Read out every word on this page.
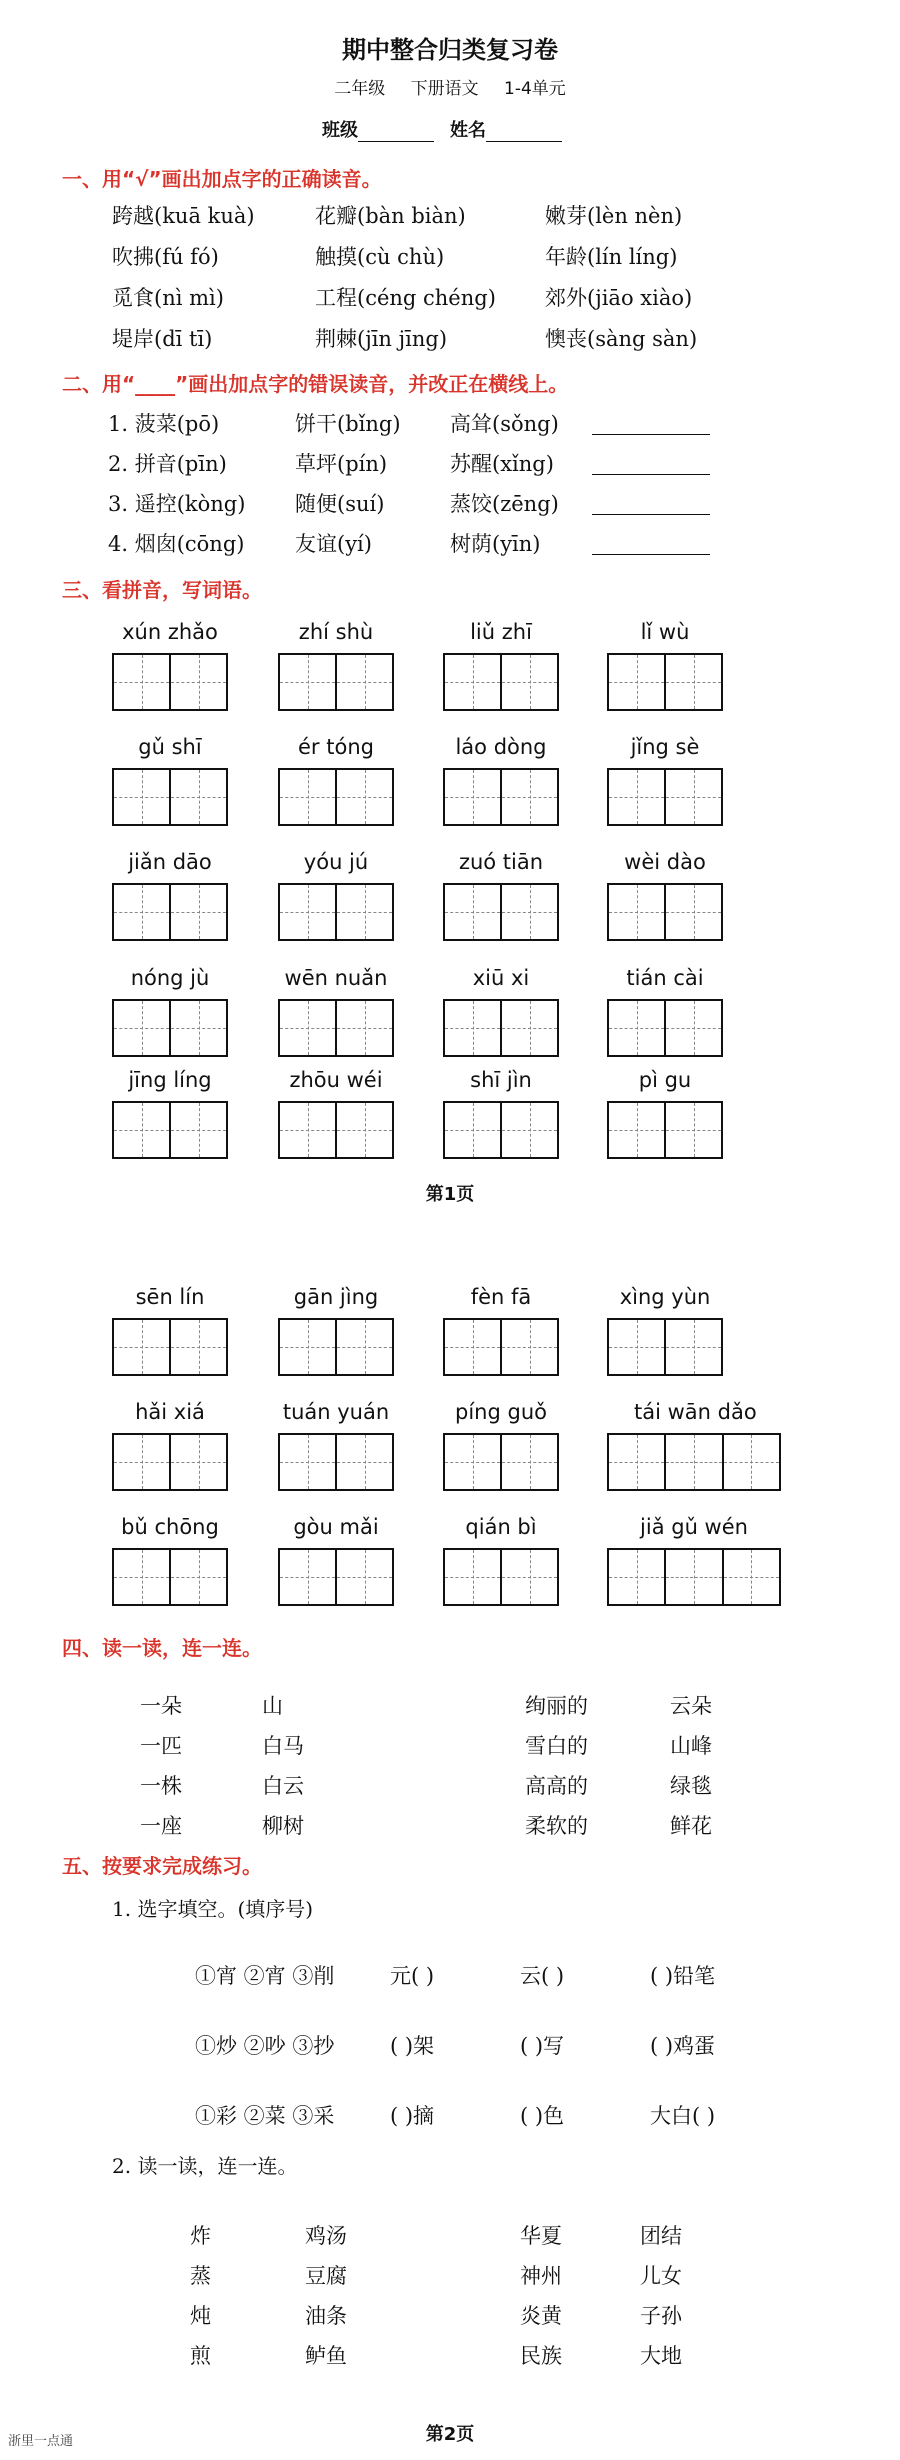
期中整合归类复习卷
二年级 下册语文 1-4单元
班级	姓名
一、用“√”画出加点字的正确读音。
跨越(kuā kuà)	花瓣(bàn biàn)	嫩芽(lèn nèn)
吹拂(fú fó)	触摸(cù chù)	年龄(lín líng)
觅食(nì mì)	工程(céng chéng) 郊外(jiāo xiào)
堤岸(dī tī)	荆棘(jīn jīng)	懊丧(sàng sàn)
二、用“____”画出加点字的错误读音，并改正在横线上。
1. 菠菜(pō)	饼干(bǐng) 高耸(sǒng)
2. 拼音(pīn)	草坪(pín)	苏醒(xǐng)
3. 遥控(kòng) 随便(suí)	蒸饺(zēng)
4. 烟囱(cōng) 友谊(yí)	树荫(yīn)
三、看拼音，写词语。
xún zhǎo	zhí shù	liǔ zhī	lǐ wù
gǔ shī	ér tóng	láo dòng	jǐng sè
jiǎn dāo	yóu jú	zuó tiān	wèi dào
nóng jù	wēn nuǎn	xiū xi	tián cài
jīng líng	zhōu wéi	shī jìn	pì gu
sēn lín	gān jìng	fèn fā	xìng yùn
hǎi xiá	tuán yuán	píng guǒ	tái wān dǎo
bǔ chōng	gòu mǎi	qián bì	jiǎ gǔ wén
第1页
四、读一读，连一连。
一朵	山	绚丽的	云朵
一匹	白马	雪白的	山峰
一株	白云	高高的	绿毯
一座	柳树	柔软的	鲜花
五、按要求完成练习。
1. 选字填空。(填序号)
①宵 ②宵 ③削	元( )	云( )	( )铅笔
①炒 ②吵 ③抄	( )架	( )写	( )鸡蛋
①彩 ②菜 ③采	( )摘	( )色	大白( )
2. 读一读，连一连。
炸	鸡汤	华夏	团结
蒸	豆腐	神州	儿女
炖	油条	炎黄	子孙
煎	鲈鱼	民族	大地
第2页
浙里一点通
